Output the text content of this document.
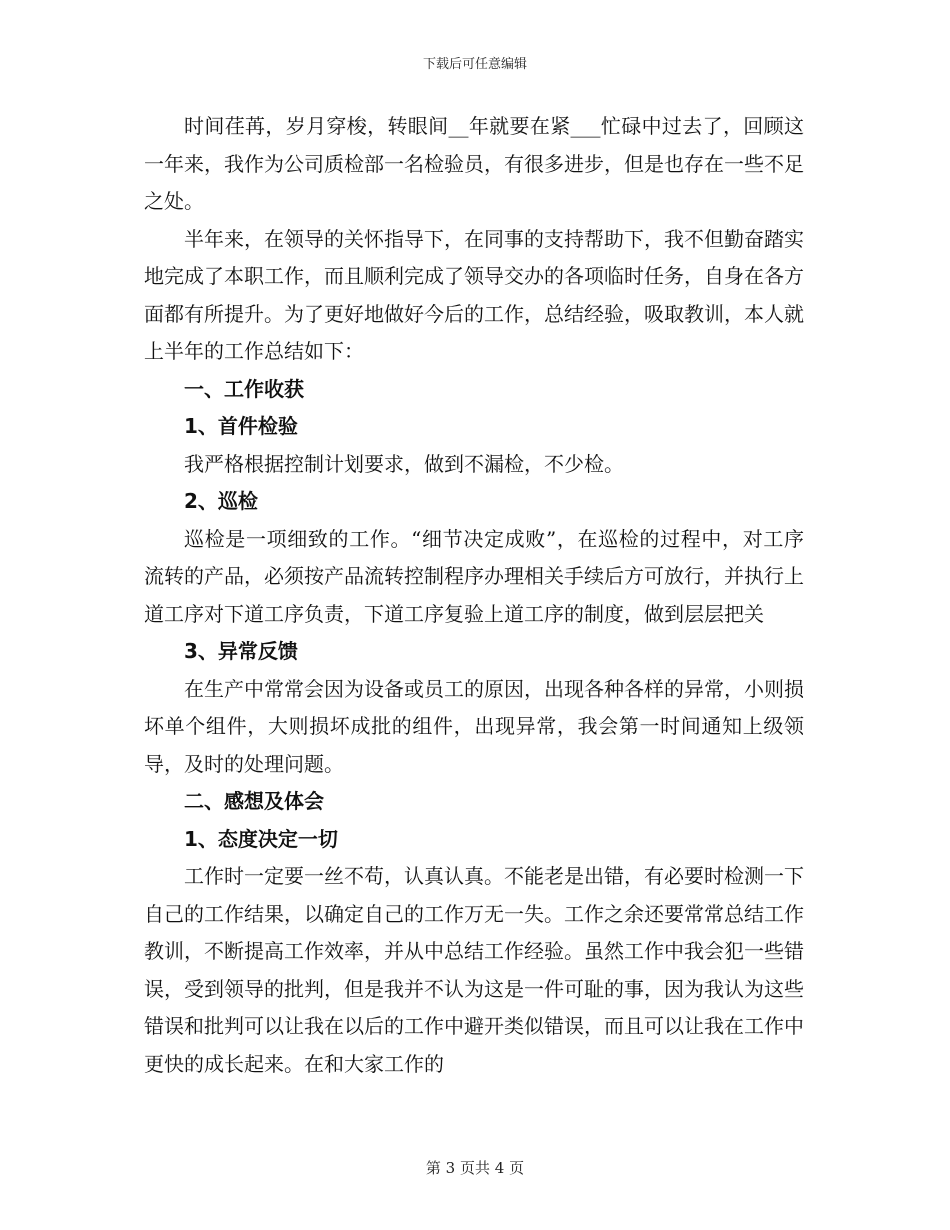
下载后可任意编辑

时间荏苒，岁月穿梭，转眼间__年就要在紧___忙碌中过去了，回顾这一年来，我作为公司质检部一名检验员，有很多进步，但是也存在一些不足之处。

半年来，在领导的关怀指导下，在同事的支持帮助下，我不但勤奋踏实地完成了本职工作，而且顺利完成了领导交办的各项临时任务，自身在各方面都有所提升。为了更好地做好今后的工作，总结经验，吸取教训，本人就上半年的工作总结如下：

一、工作收获

1、首件检验

我严格根据控制计划要求，做到不漏检，不少检。

2、巡检

巡检是一项细致的工作。“细节决定成败”，在巡检的过程中，对工序流转的产品，必须按产品流转控制程序办理相关手续后方可放行，并执行上道工序对下道工序负责，下道工序复验上道工序的制度，做到层层把关

3、异常反馈

在生产中常常会因为设备或员工的原因，出现各种各样的异常，小则损坏单个组件，大则损坏成批的组件，出现异常，我会第一时间通知上级领导，及时的处理问题。

二、感想及体会

1、态度决定一切

工作时一定要一丝不苟，认真认真。不能老是出错，有必要时检测一下自己的工作结果，以确定自己的工作万无一失。工作之余还要常常总结工作教训，不断提高工作效率，并从中总结工作经验。虽然工作中我会犯一些错误，受到领导的批判，但是我并不认为这是一件可耻的事，因为我认为这些错误和批判可以让我在以后的工作中避开类似错误，而且可以让我在工作中更快的成长起来。在和大家工作的

第 3 页共 4 页
